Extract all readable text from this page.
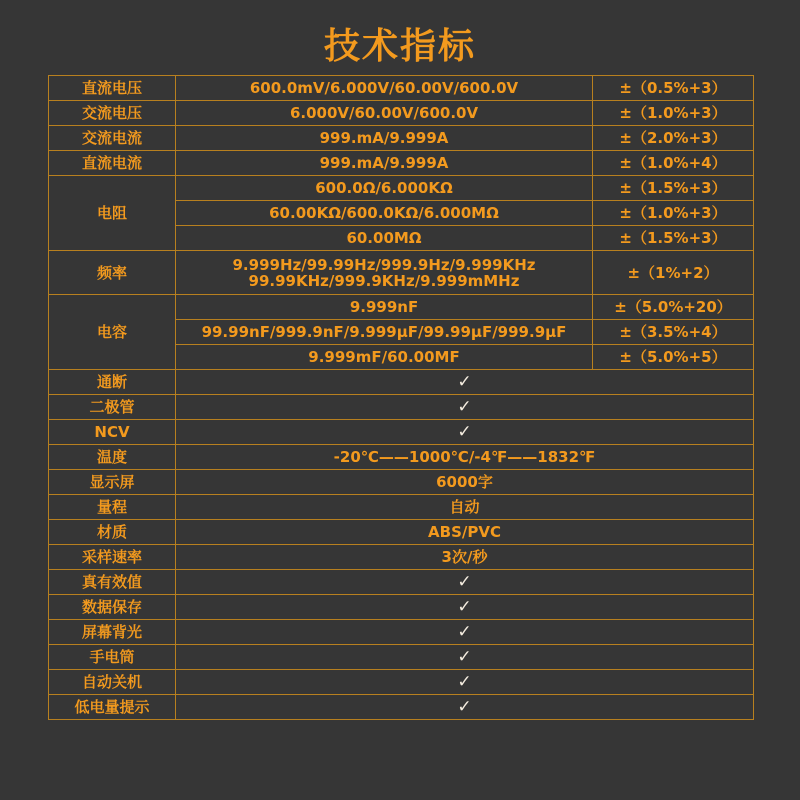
技术指标
直流电压	600.0mV/6.000V/60.00V/600.0V	±（0.5%+3）
交流电压	6.000V/60.00V/600.0V	±（1.0%+3）
交流电流	999.mA/9.999A	±（2.0%+3）
直流电流	999.mA/9.999A	±（1.0%+4）
电阻	600.0Ω/6.000KΩ	±（1.5%+3）
	60.00KΩ/600.0KΩ/6.000MΩ	±（1.0%+3）
	60.00MΩ	±（1.5%+3）
频率	9.999Hz/99.99Hz/999.9Hz/9.999KHz
99.99KHz/999.9KHz/9.999mMHz	±（1%+2）
电容	9.999nF	±（5.0%+20）
	99.99nF/999.9nF/9.999μF/99.99μF/999.9μF	±（3.5%+4）
	9.999mF/60.00MF	±（5.0%+5）
通断	✓	
二极管	✓	
NCV	✓	
温度	-20℃——1000℃/-4℉——1832℉	
显示屏	6000字	
量程	自动	
材质	ABS/PVC	
采样速率	3次/秒	
真有效值	✓	
数据保存	✓	
屏幕背光	✓	
手电筒	✓	
自动关机	✓	
低电量提示	✓	
